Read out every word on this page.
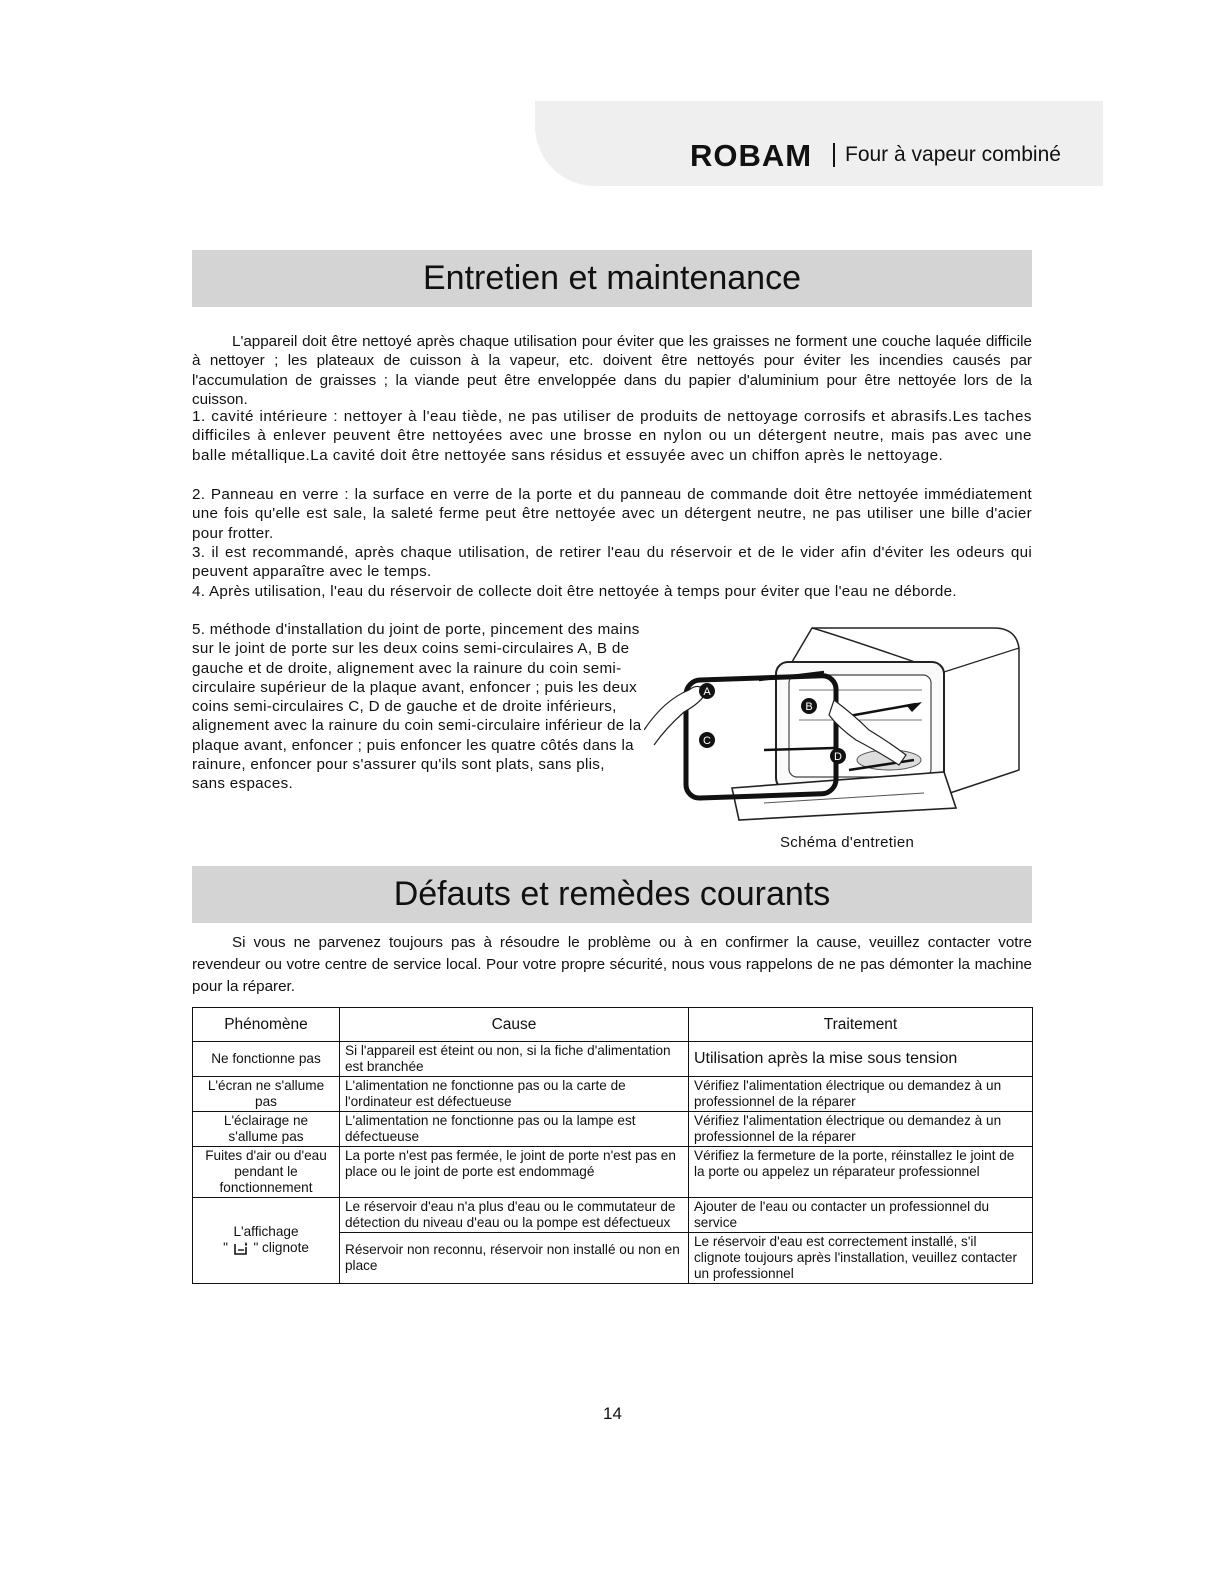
ROBAM Four à vapeur combiné
Entretien et maintenance

L'appareil doit être nettoyé après chaque utilisation pour éviter que les graisses ne forment une couche laquée difficile à nettoyer ; les plateaux de cuisson à la vapeur, etc. doivent être nettoyés pour éviter les incendies causés par l'accumulation de graisses ; la viande peut être enveloppée dans du papier d'aluminium pour être nettoyée lors de la cuisson.

1. cavité intérieure : nettoyer à l'eau tiède, ne pas utiliser de produits de nettoyage corrosifs et abrasifs.Les taches difficiles à enlever peuvent être nettoyées avec une brosse en nylon ou un détergent neutre, mais pas avec une balle métallique.La cavité doit être nettoyée sans résidus et essuyée avec un chiffon après le nettoyage.

2. Panneau en verre : la surface en verre de la porte et du panneau de commande doit être nettoyée immédiatement une fois qu'elle est sale, la saleté ferme peut être nettoyée avec un détergent neutre, ne pas utiliser une bille d'acier pour frotter.

3. il est recommandé, après chaque utilisation, de retirer l'eau du réservoir et de le vider afin d'éviter les odeurs qui peuvent apparaître avec le temps.

4. Après utilisation, l'eau du réservoir de collecte doit être nettoyée à temps pour éviter que l'eau ne déborde.

5. méthode d'installation du joint de porte, pincement des mains sur le joint de porte sur les deux coins semi-circulaires A, B de gauche et de droite, alignement avec la rainure du coin semi-circulaire supérieur de la plaque avant, enfoncer ; puis les deux coins semi-circulaires C, D de gauche et de droite inférieurs, alignement avec la rainure du coin semi-circulaire inférieur de la plaque avant, enfoncer ; puis enfoncer les quatre côtés dans la rainure, enfoncer pour s'assurer qu'ils sont plats, sans plis, sans espaces.

A
B
C
D
Schéma d'entretien
Défauts et remèdes courants

Si vous ne parvenez toujours pas à résoudre le problème ou à en confirmer la cause, veuillez contacter votre revendeur ou votre centre de service local. Pour votre propre sécurité, nous vous rappelons de ne pas démonter la machine pour la réparer.

Phénomène	Cause	Traitement
Ne fonctionne pas	Si l'appareil est éteint ou non, si la fiche d'alimentation est branchée	Utilisation après la mise sous tension
L'écran ne s'allume pas	L'alimentation ne fonctionne pas ou la carte de l'ordinateur est défectueuse	Vérifiez l'alimentation électrique ou demandez à un professionnel de la réparer
L'éclairage ne s'allume pas	L'alimentation ne fonctionne pas ou la lampe est défectueuse	Vérifiez l'alimentation électrique ou demandez à un professionnel de la réparer
Fuites d'air ou d'eau pendant le fonctionnement	La porte n'est pas fermée, le joint de porte n'est pas en place ou le joint de porte est endommagé	Vérifiez la fermeture de la porte, réinstallez le joint de la porte ou appelez un réparateur professionnel
L'affichage
" " clignote	Le réservoir d'eau n'a plus d'eau ou le commutateur de détection du niveau d'eau ou la pompe est défectueux	Ajouter de l'eau ou contacter un professionnel du service
	Réservoir non reconnu, réservoir non installé ou non en place	Le réservoir d'eau est correctement installé, s'il clignote toujours après l'installation, veuillez contacter un professionnel
14
